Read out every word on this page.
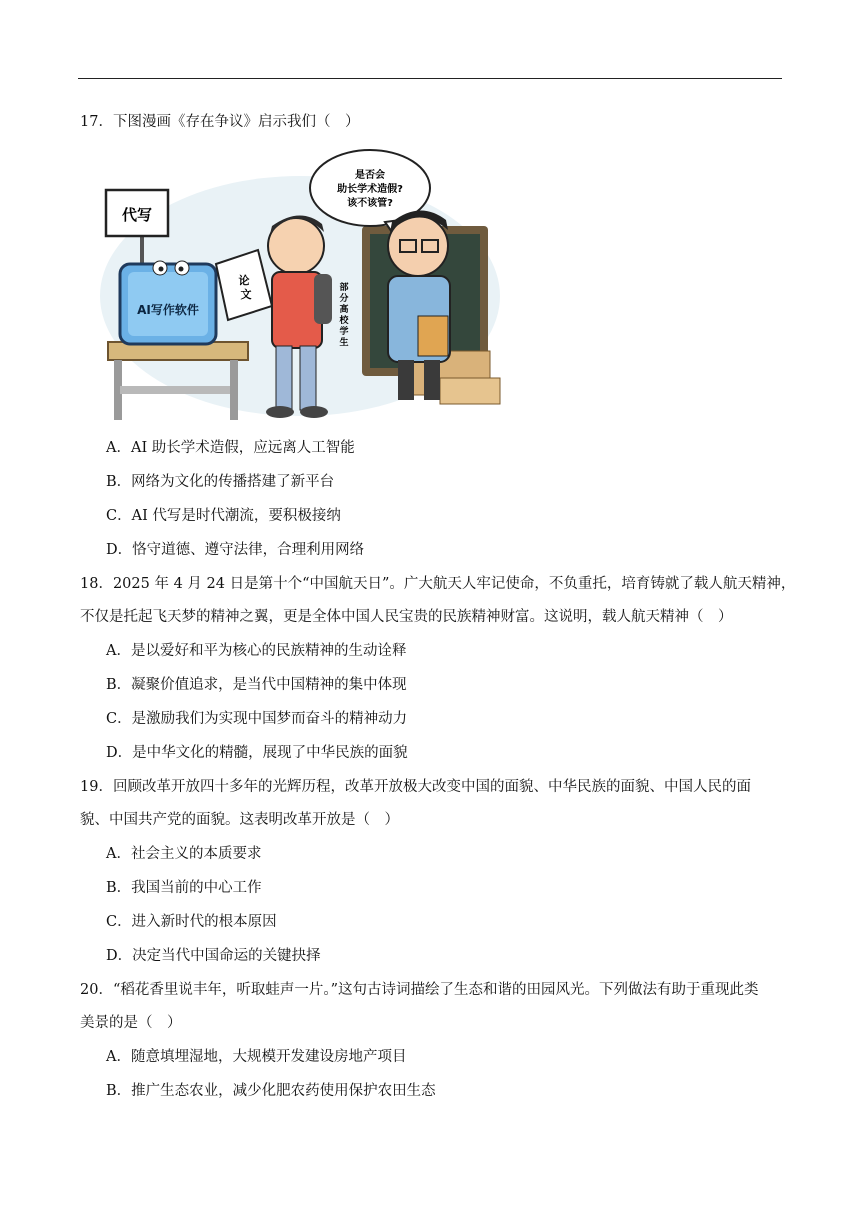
17．下图漫画《存在争议》启示我们（　）
是否会
助长学术造假?
该不该管?
代写
AI写作软件
论
文	部
分
高
校
学
生
A．AI 助长学术造假，应远离人工智能
B．网络为文化的传播搭建了新平台
C．AI 代写是时代潮流，要积极接纳
D．恪守道德、遵守法律，合理利用网络
18．2025 年 4 月 24 日是第十个“中国航天日”。广大航天人牢记使命，不负重托，培育铸就了载人航天精神，
不仅是托起飞天梦的精神之翼，更是全体中国人民宝贵的民族精神财富。这说明，载人航天精神（　）
A．是以爱好和平为核心的民族精神的生动诠释
B．凝聚价值追求，是当代中国精神的集中体现
C．是激励我们为实现中国梦而奋斗的精神动力
D．是中华文化的精髓，展现了中华民族的面貌
19．回顾改革开放四十多年的光辉历程，改革开放极大改变中国的面貌、中华民族的面貌、中国人民的面
貌、中国共产党的面貌。这表明改革开放是（　）
A．社会主义的本质要求
B．我国当前的中心工作
C．进入新时代的根本原因
D．决定当代中国命运的关键抉择
20．“稻花香里说丰年，听取蛙声一片。”这句古诗词描绘了生态和谐的田园风光。下列做法有助于重现此类
美景的是（　）
A．随意填埋湿地，大规模开发建设房地产项目
B．推广生态农业，减少化肥农药使用保护农田生态
